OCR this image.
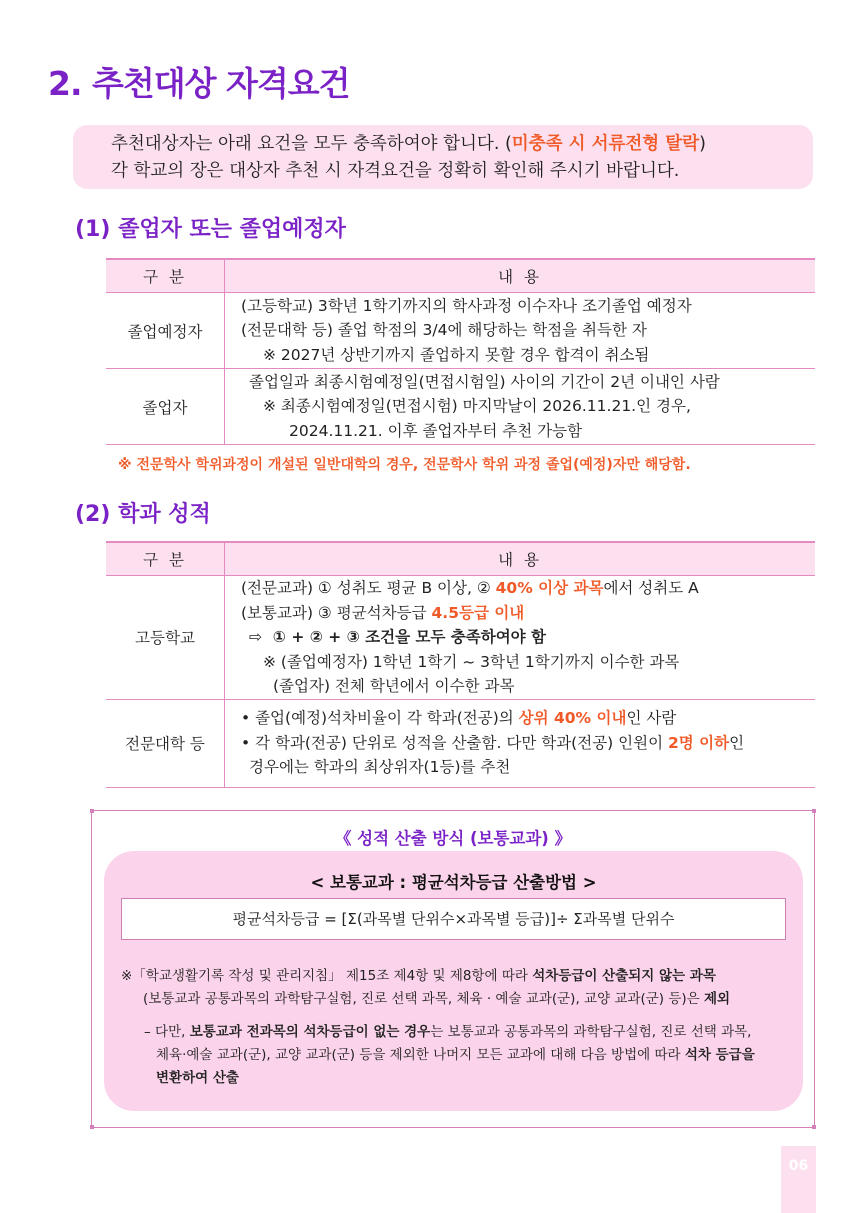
2. 추천대상 자격요건
추천대상자는 아래 요건을 모두 충족하여야 합니다. (미충족 시 서류전형 탈락)
각 학교의 장은 대상자 추천 시 자격요건을 정확히 확인해 주시기 바랍니다.
(1) 졸업자 또는 졸업예정자
구 분	내 용
졸업예정자	(고등학교) 3학년 1학기까지의 학사과정 이수자나 조기졸업 예정자
(전문대학 등) 졸업 학점의 3/4에 해당하는 학점을 취득한 자
※ 2027년 상반기까지 졸업하지 못할 경우 합격이 취소됨

졸업자	졸업일과 최종시험예정일(면접시험일) 사이의 기간이 2년 이내인 사람
※ 최종시험예정일(면접시험) 마지막날이 2026.11.21.인 경우,
2024.11.21. 이후 졸업자부터 추천 가능함
※ 전문학사 학위과정이 개설된 일반대학의 경우, 전문학사 학위 과정 졸업(예정)자만 해당함.
(2) 학과 성적
구 분	내 용
고등학교	(전문교과) ① 성취도 평균 B 이상, ② 40% 이상 과목에서 성취도 A
(보통교과) ③ 평균석차등급 4.5등급 이내
⇨ ① + ② + ③ 조건을 모두 충족하여야 함
※ (졸업예정자) 1학년 1학기 ~ 3학년 1학기까지 이수한 과목
(졸업자) 전체 학년에서 이수한 과목

전문대학 등	• 졸업(예정)석차비율이 각 학과(전공)의 상위 40% 이내인 사람
• 각 학과(전공) 단위로 성적을 산출함. 다만 학과(전공) 인원이 2명 이하인
경우에는 학과의 최상위자(1등)를 추천
《 성적 산출 방식 (보통교과) 》
< 보통교과 : 평균석차등급 산출방법 >
평균석차등급 = [Σ(과목별 단위수×과목별 등급)]÷ Σ과목별 단위수
※「학교생활기록 작성 및 관리지침」 제15조 제4항 및 제8항에 따라 석차등급이 산출되지 않는 과목
(보통교과 공통과목의 과학탐구실험, 진로 선택 과목, 체육 · 예술 교과(군), 교양 교과(군) 등)은 제외
– 다만, 보통교과 전과목의 석차등급이 없는 경우는 보통교과 공통과목의 과학탐구실험, 진로 선택 과목,
체육·예술 교과(군), 교양 교과(군) 등을 제외한 나머지 모든 교과에 대해 다음 방법에 따라 석차 등급을
변환하여 산출
06
